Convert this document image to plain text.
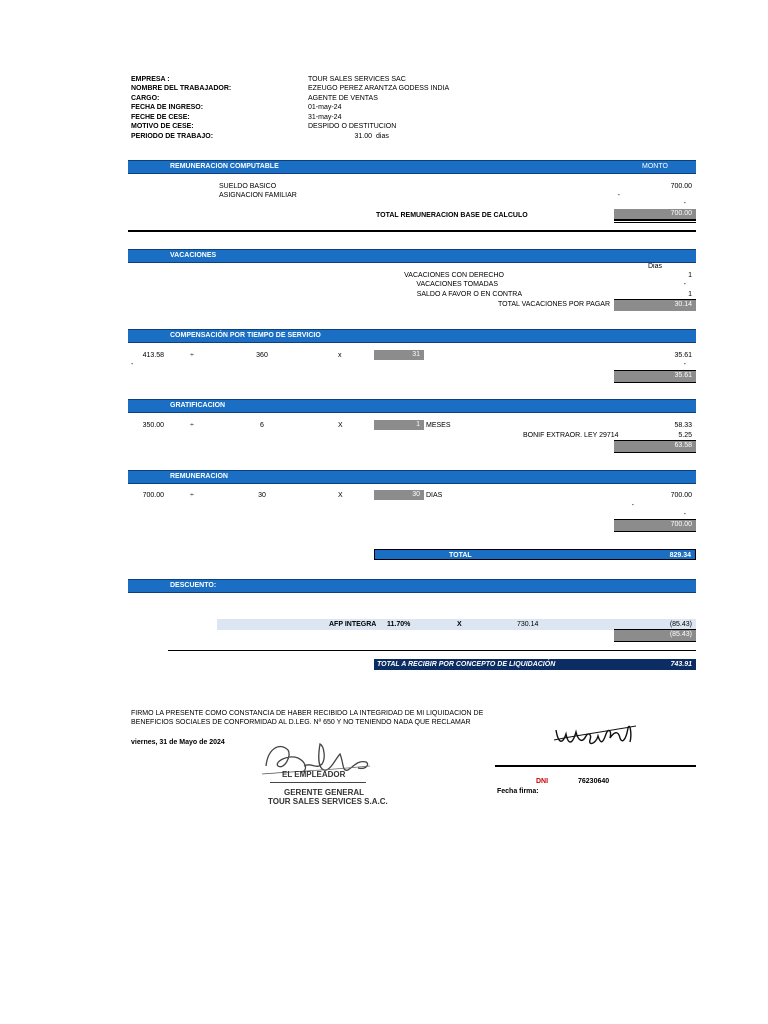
EMPRESA :	TOUR SALES SERVICES SAC
NOMBRE DEL TRABAJADOR:	EZEUGO PEREZ ARANTZA GODESS INDIA
CARGO:	AGENTE DE VENTAS
FECHA DE INGRESO:	01-may-24
FECHE DE CESE:	31-may-24
MOTIVO DE CESE:	DESPIDO O DESTITUCION
PERIODO DE TRABAJO:	31.00 dias
REMUNERACION COMPUTABLE	MONTO
SUELDO BASICO	700.00
ASIGNACION FAMILIAR	-
-
TOTAL REMUNERACION BASE DE CALCULO	700.00
VACACIONES
Dias
VACACIONES CON DERECHO	1
VACACIONES TOMADAS	-
SALDO A FAVOR O EN CONTRA	1
TOTAL VACACIONES POR PAGAR	30.14
COMPENSACIÓN POR TIEMPO DE SERVICIO
413.58	÷	360	x	31	35.61
-	-
35.61
GRATIFICACION
350.00	÷	6	X	1 MESES	58.33
BONIF EXTRAOR. LEY 29714	5.25
63.58
REMUNERACION
700.00	÷	30	X	30 DIAS	700.00
-
-
700.00
TOTAL	829.34
DESCUENTO:
AFP INTEGRA 11.70%	X	730.14	(85.43)
(85.43)
TOTAL A RECIBIR POR CONCEPTO DE LIQUIDACIÓN	743.91
FIRMO LA PRESENTE COMO CONSTANCIA DE HABER RECIBIDO LA INTEGRIDAD DE MI LIQUIDACION DE
BENEFICIOS SOCIALES DE CONFORMIDAD AL D.LEG. Nº 650 Y NO TENIENDO NADA QUE RECLAMAR
viernes, 31 de Mayo de 2024
EL EMPLEADOR
GERENTE GENERAL
TOUR SALES SERVICES S.A.C.
DNI	76230640
Fecha firma:
